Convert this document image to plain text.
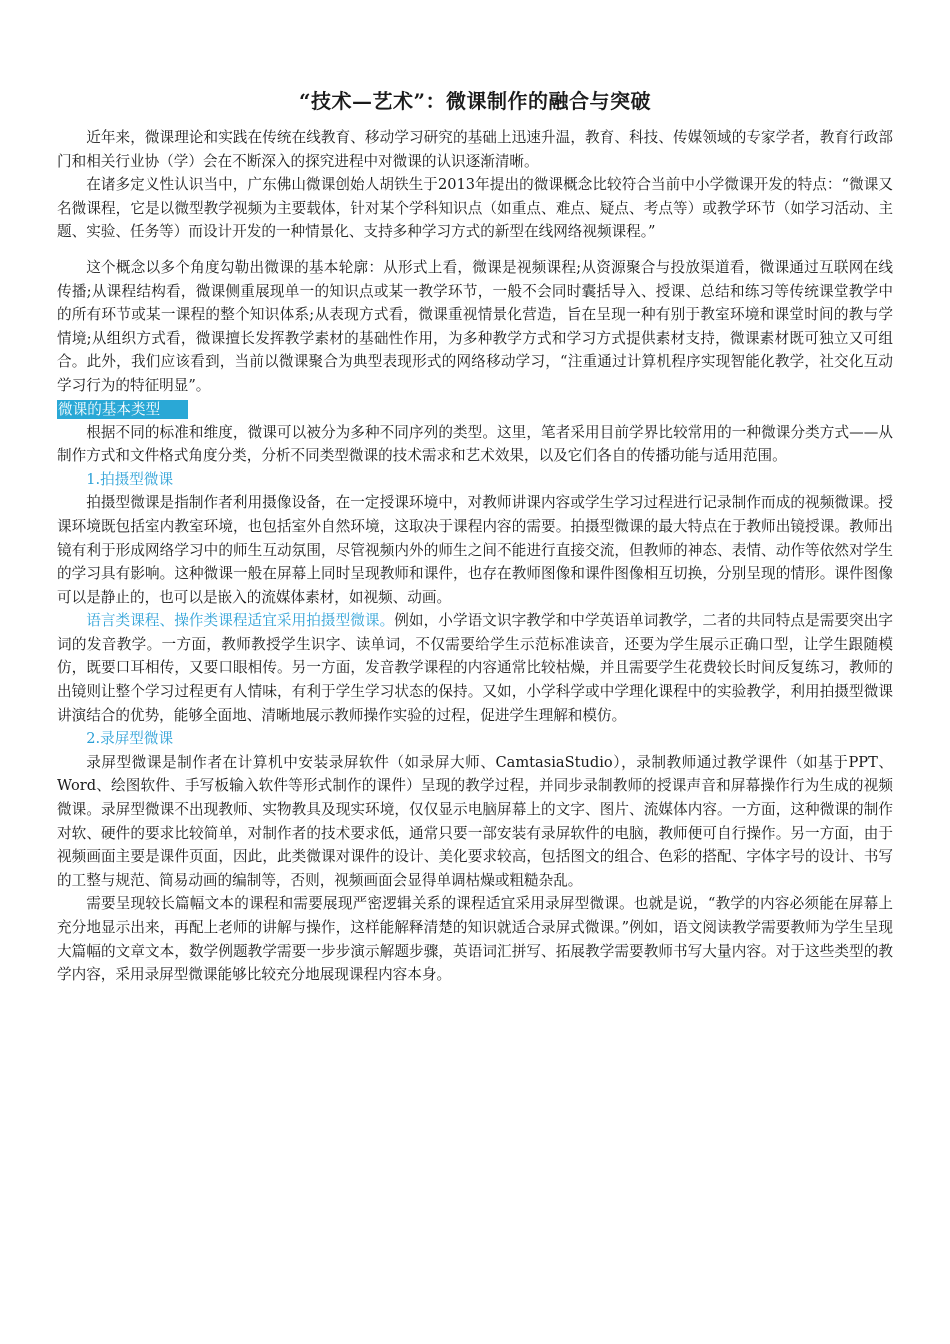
“技术—艺术”：微课制作的融合与突破

近年来，微课理论和实践在传统在线教育、移动学习研究的基础上迅速升温，教育、科技、传媒领域的专家学者，教育行政部门和相关行业协（学）会在不断深入的探究进程中对微课的认识逐渐清晰。

在诸多定义性认识当中，广东佛山微课创始人胡铁生于2013年提出的微课概念比较符合当前中小学微课开发的特点：“微课又名微课程，它是以微型教学视频为主要载体，针对某个学科知识点（如重点、难点、疑点、考点等）或教学环节（如学习活动、主题、实验、任务等）而设计开发的一种情景化、支持多种学习方式的新型在线网络视频课程。”

这个概念以多个角度勾勒出微课的基本轮廓：从形式上看，微课是视频课程;从资源聚合与投放渠道看，微课通过互联网在线传播;从课程结构看，微课侧重展现单一的知识点或某一教学环节，一般不会同时囊括导入、授课、总结和练习等传统课堂教学中的所有环节或某一课程的整个知识体系;从表现方式看，微课重视情景化营造，旨在呈现一种有别于教室环境和课堂时间的教与学情境;从组织方式看，微课擅长发挥教学素材的基础性作用，为多种教学方式和学习方式提供素材支持，微课素材既可独立又可组合。此外，我们应该看到，当前以微课聚合为典型表现形式的网络移动学习，“注重通过计算机程序实现智能化教学，社交化互动学习行为的特征明显”。

微课的基本类型

根据不同的标准和维度，微课可以被分为多种不同序列的类型。这里，笔者采用目前学界比较常用的一种微课分类方式——从制作方式和文件格式角度分类，分析不同类型微课的技术需求和艺术效果，以及它们各自的传播功能与适用范围。

1.拍摄型微课

拍摄型微课是指制作者利用摄像设备，在一定授课环境中，对教师讲课内容或学生学习过程进行记录制作而成的视频微课。授课环境既包括室内教室环境，也包括室外自然环境，这取决于课程内容的需要。拍摄型微课的最大特点在于教师出镜授课。教师出镜有利于形成网络学习中的师生互动氛围，尽管视频内外的师生之间不能进行直接交流，但教师的神态、表情、动作等依然对学生的学习具有影响。这种微课一般在屏幕上同时呈现教师和课件，也存在教师图像和课件图像相互切换，分别呈现的情形。课件图像可以是静止的，也可以是嵌入的流媒体素材，如视频、动画。

语言类课程、操作类课程适宜采用拍摄型微课。例如，小学语文识字教学和中学英语单词教学，二者的共同特点是需要突出字词的发音教学。一方面，教师教授学生识字、读单词，不仅需要给学生示范标准读音，还要为学生展示正确口型，让学生跟随模仿，既要口耳相传，又要口眼相传。另一方面，发音教学课程的内容通常比较枯燥，并且需要学生花费较长时间反复练习，教师的出镜则让整个学习过程更有人情味，有利于学生学习状态的保持。又如，小学科学或中学理化课程中的实验教学，利用拍摄型微课讲演结合的优势，能够全面地、清晰地展示教师操作实验的过程，促进学生理解和模仿。

2.录屏型微课

录屏型微课是制作者在计算机中安装录屏软件（如录屏大师、CamtasiaStudio），录制教师通过教学课件（如基于PPT、Word、绘图软件、手写板输入软件等形式制作的课件）呈现的教学过程，并同步录制教师的授课声音和屏幕操作行为生成的视频微课。录屏型微课不出现教师、实物教具及现实环境，仅仅显示电脑屏幕上的文字、图片、流媒体内容。一方面，这种微课的制作对软、硬件的要求比较简单，对制作者的技术要求低，通常只要一部安装有录屏软件的电脑，教师便可自行操作。另一方面，由于视频画面主要是课件页面，因此，此类微课对课件的设计、美化要求较高，包括图文的组合、色彩的搭配、字体字号的设计、书写的工整与规范、简易动画的编制等，否则，视频画面会显得单调枯燥或粗糙杂乱。

需要呈现较长篇幅文本的课程和需要展现严密逻辑关系的课程适宜采用录屏型微课。也就是说，“教学的内容必须能在屏幕上充分地显示出来，再配上老师的讲解与操作，这样能解释清楚的知识就适合录屏式微课。”例如，语文阅读教学需要教师为学生呈现大篇幅的文章文本，数学例题教学需要一步步演示解题步骤，英语词汇拼写、拓展教学需要教师书写大量内容。对于这些类型的教学内容，采用录屏型微课能够比较充分地展现课程内容本身。
